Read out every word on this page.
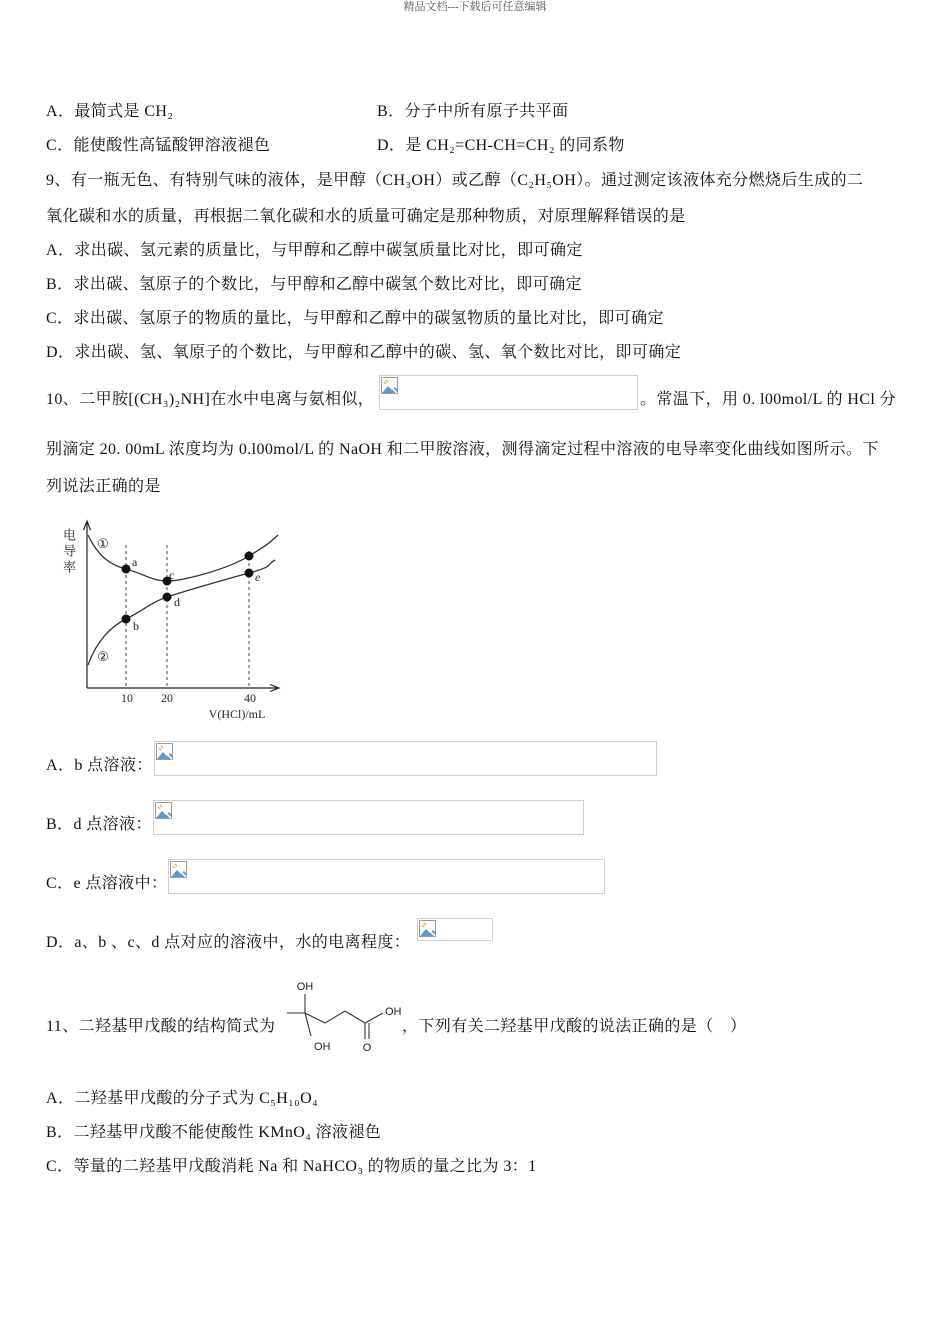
精品文档---下载后可任意编辑
A．最简式是 CH₂	B．分子中所有原子共平面
C．能使酸性高锰酸钾溶液褪色	D．是 CH₂=CH-CH=CH₂ 的同系物
9、有一瓶无色、有特别气味的液体，是甲醇（CH₃OH）或乙醇（C₂H₅OH）。通过测定该液体充分燃烧后生成的二
氧化碳和水的质量，再根据二氧化碳和水的质量可确定是那种物质，对原理解释错误的是
A．求出碳、氢元素的质量比，与甲醇和乙醇中碳氢质量比对比，即可确定
B．求出碳、氢原子的个数比，与甲醇和乙醇中碳氢个数比对比，即可确定
C．求出碳、氢原子的物质的量比，与甲醇和乙醇中的碳氢物质的量比对比，即可确定
D．求出碳、氢、氧原子的个数比，与甲醇和乙醇中的碳、氢、氧个数比对比，即可确定
10、二甲胺[(CH₃)₂NH]在水中电离与氨相似，	。常温下，用 0. l00mol/L 的 HCl 分
别滴定 20. 00mL 浓度均为 0.l00mol/L 的 NaOH 和二甲胺溶液，测得滴定过程中溶液的电导率变化曲线如图所示。下
列说法正确的是
电导率 ①
②
a
b
c
d
e
10 20	40
V(HCl)/mL
A．b 点溶液：
B．d 点溶液：
C．e 点溶液中：
D．a、b 、c、d 点对应的溶液中，水的电离程度：
11、二羟基甲戊酸的结构简式为
OH
OH
OH	O
，下列有关二羟基甲戊酸的说法正确的是（　）
A．二羟基甲戊酸的分子式为 C₅H₁₀O₄
B．二羟基甲戊酸不能使酸性 KMnO₄ 溶液褪色
C．等量的二羟基甲戊酸消耗 Na 和 NaHCO₃ 的物质的量之比为 3：1
